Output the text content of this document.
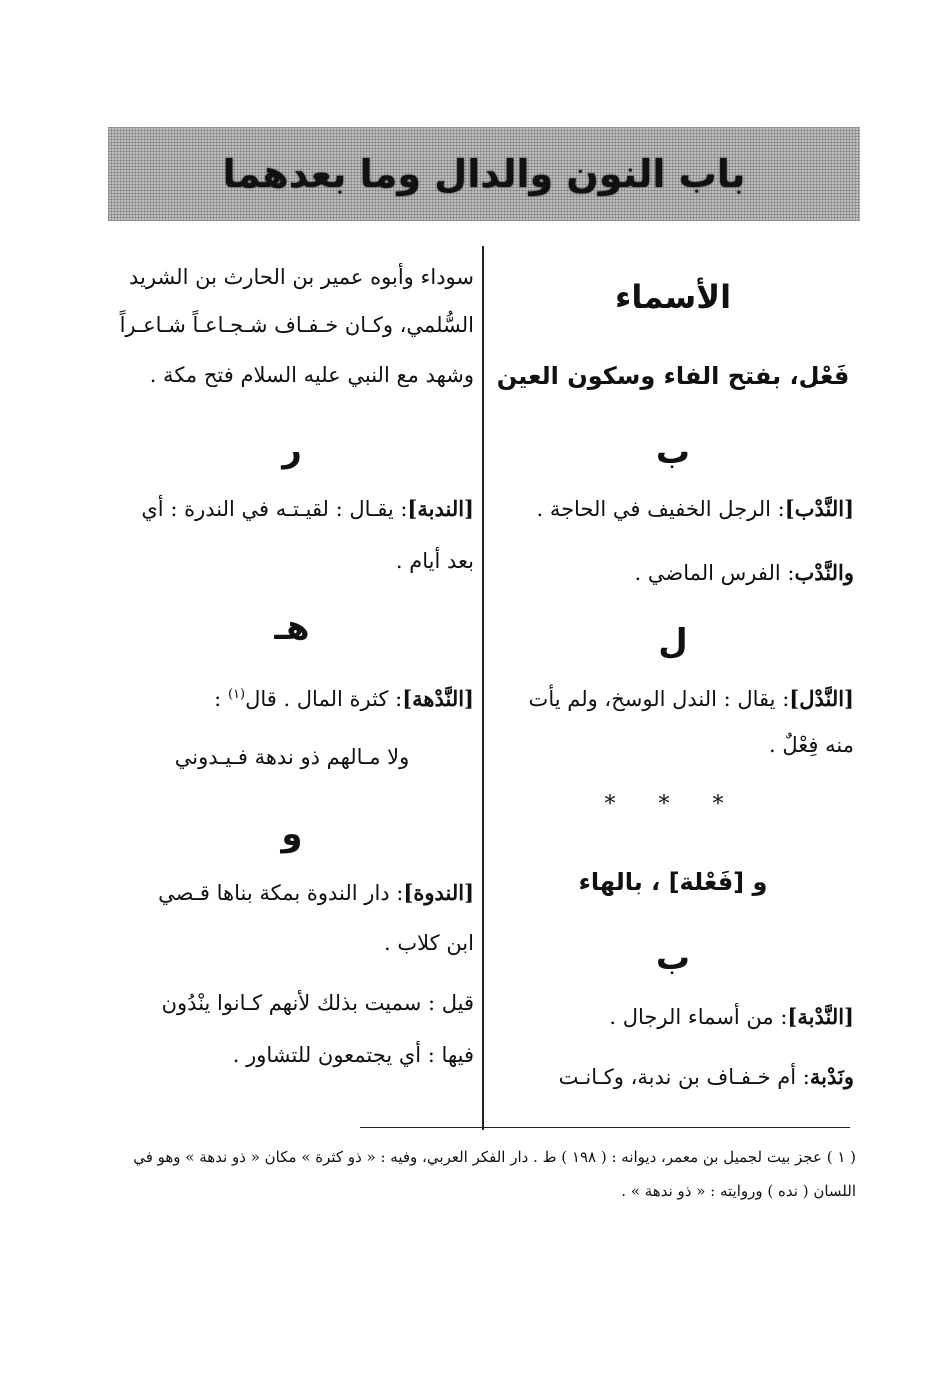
باب النون والدال وما بعدهما
الأسماء
فَعْل، بفتح الفاء وسكون العين
ب
[النَّدْب]: الرجل الخفيف في الحاجة .
والنَّدْب: الفرس الماضي .
ل
[النَّدْل]: يقال : الندل الوسخ، ولم يأت
منه فِعْلٌ .
* * *
و [فَعْلة] ، بالهاء
ب
[النَّدْبة]: من أسماء الرجال .
ونَدْبة: أم خـفـاف بن ندبة، وكـانـت
سوداء وأبوه عمير بن الحارث بن الشريد
السُّلمي، وكـان خـفـاف شـجـاعـاً شـاعـراً
وشهد مع النبي عليه السلام فتح مكة .
ر
[الندبة]: يقـال : لقيـتـه في الندرة : أي
بعد أيام .
هـ
[النَّدْهة]: كثرة المال . قال$^{(١)}$ :
ولا مـالهم ذو ندهة فـيـدوني
و
[الندوة]: دار الندوة بمكة بناها قـصي
ابن كلاب .
قيل : سميت بذلك لأنهم كـانوا ينْدُون
فيها : أي يجتمعون للتشاور .
( ١ ) عجز بيت لجميل بن معمر، ديوانه : ( ١٩٨ ) ط . دار الفكر العربي، وفيه : « ذو كثرة » مكان « ذو ندهة » وهو في
اللسان ( نده ) وروايته : « ذو ندهة » .
